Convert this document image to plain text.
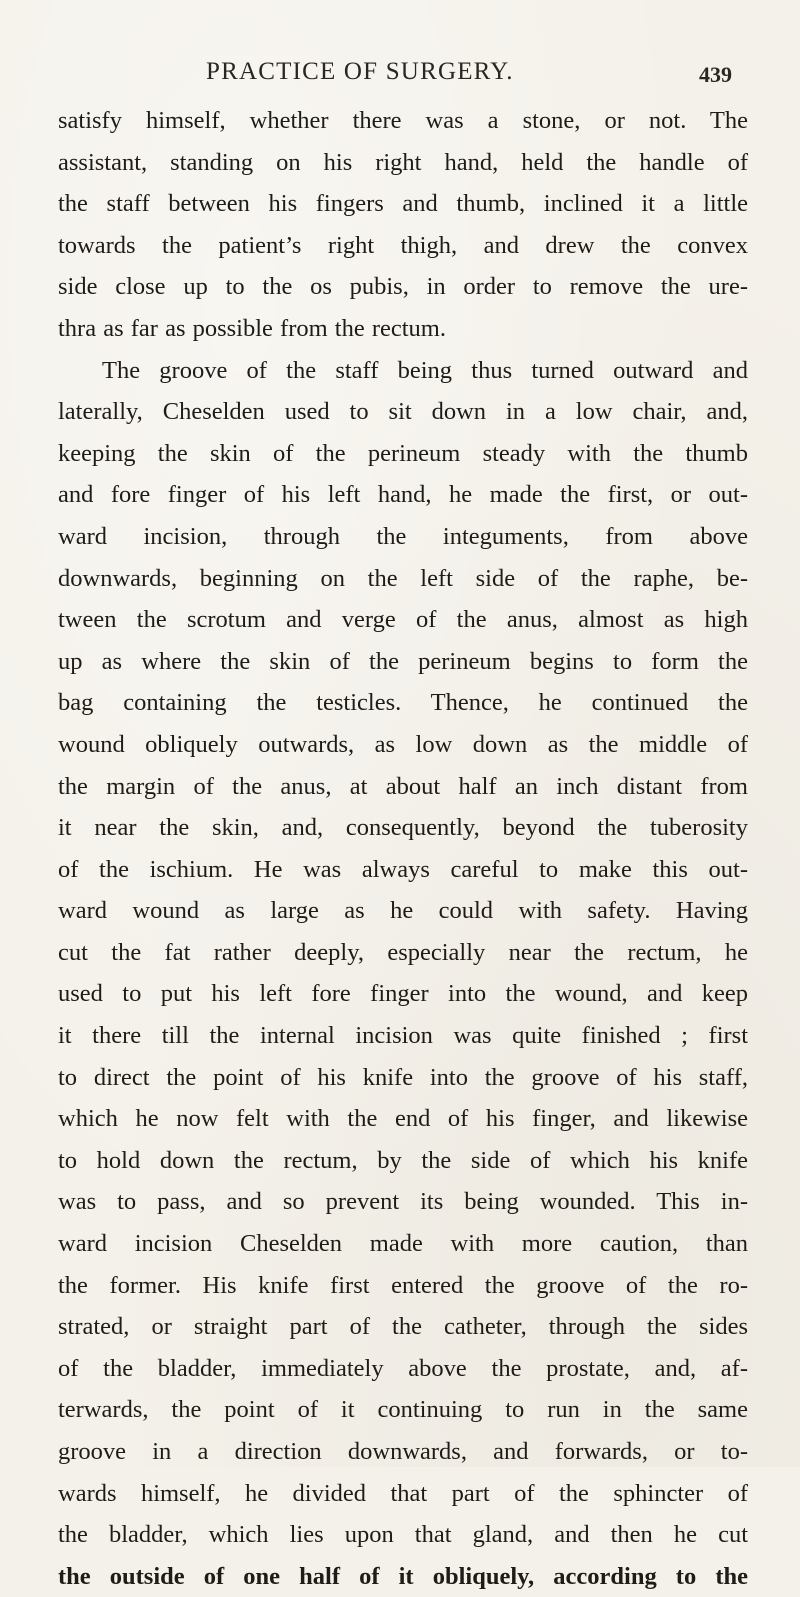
PRACTICE OF SURGERY.	439
satisfy himself, whether there was a stone, or not. The
assistant, standing on his right hand, held the handle of
the staff between his fingers and thumb, inclined it a little
towards the patient’s right thigh, and drew the convex
side close up to the os pubis, in order to remove the ure-
thra as far as possible from the rectum.
The groove of the staff being thus turned outward and
laterally, Cheselden used to sit down in a low chair, and,
keeping the skin of the perineum steady with the thumb
and fore finger of his left hand, he made the first, or out-
ward incision, through the integuments, from above
downwards, beginning on the left side of the raphe, be-
tween the scrotum and verge of the anus, almost as high
up as where the skin of the perineum begins to form the
bag containing the testicles. Thence, he continued the
wound obliquely outwards, as low down as the middle of
the margin of the anus, at about half an inch distant from
it near the skin, and, consequently, beyond the tuberosity
of the ischium. He was always careful to make this out-
ward wound as large as he could with safety. Having
cut the fat rather deeply, especially near the rectum, he
used to put his left fore finger into the wound, and keep
it there till the internal incision was quite finished ; first
to direct the point of his knife into the groove of his staff,
which he now felt with the end of his finger, and likewise
to hold down the rectum, by the side of which his knife
was to pass, and so prevent its being wounded. This in-
ward incision Cheselden made with more caution, than
the former. His knife first entered the groove of the ro-
strated, or straight part of the catheter, through the sides
of the bladder, immediately above the prostate, and, af-
terwards, the point of it continuing to run in the same
groove in a direction downwards, and forwards, or to-
wards himself, he divided that part of the sphincter of
the bladder, which lies upon that gland, and then he cut
the outside of one half of it obliquely, according to the
